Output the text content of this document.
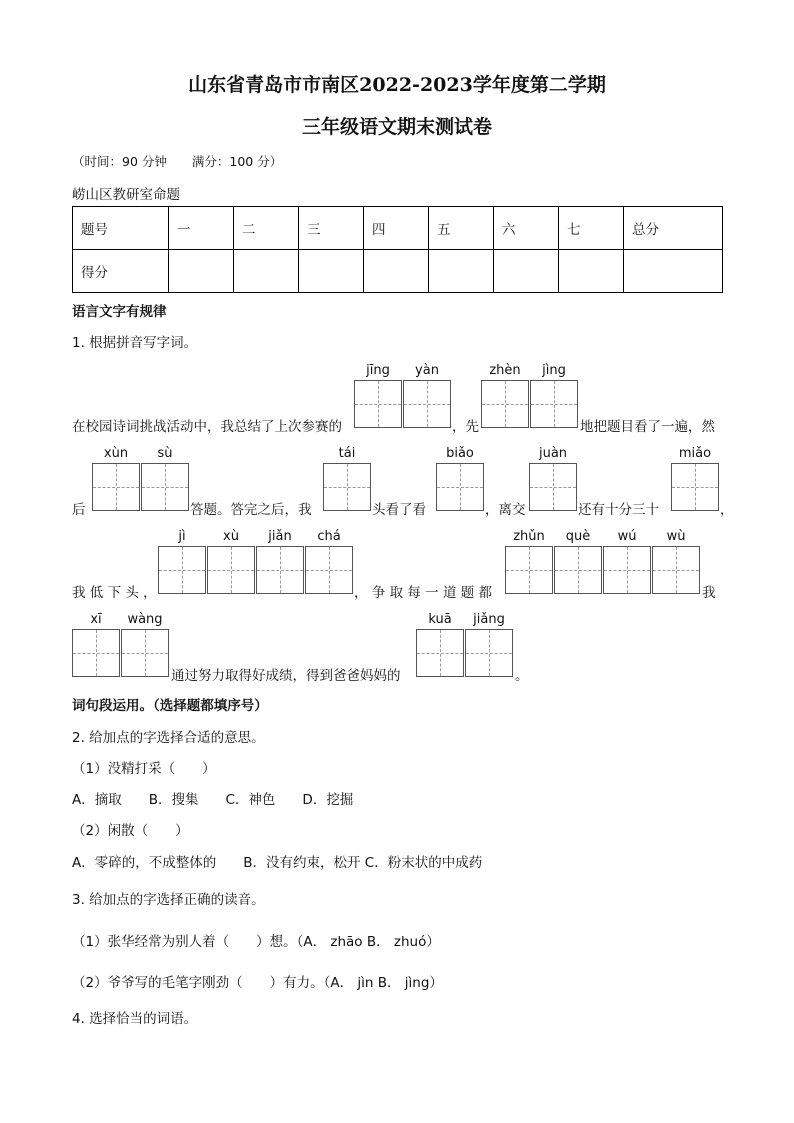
山东省青岛市市南区2022-2023学年度第二学期
三年级语文期末测试卷
（时间：90 分钟　　满分：100 分）
崂山区教研室命题
题号	一	二	三	四	五	六	七	总分
得分								
语言文字有规律
1. 根据拼音写字词。
jīng	yàn	zhèn	jìng
在校园诗词挑战活动中，我总结了上次参赛的	，先	地把题目看了一遍，然
xùn	sù	tái	biǎo	juàn	miǎo
后	答题。答完之后，我	头看了看	，离交	还有十分三十	，
jì	xù	jiǎn	chá	zhǔn	què	wú	wù
我 低 下 头 ，	， 争 取 每 一 道 题 都	我
xī	wàng	kuā	jiǎng
通过努力取得好成绩，得到爸爸妈妈的	。
词句段运用。（选择题都填序号）
2. 给加点的字选择合适的意思。
（1）没精打采（　　）
A．摘取　　B．搜集　　C．神色　　D．挖掘
（2）闲散（　　）
A．零碎的，不成整体的　　B．没有约束，松开 C．粉末状的中成药
3. 给加点的字选择正确的读音。
（1）张华经常为别人着（　　）想。（A． zhāo B． zhuó）
（2）爷爷写的毛笔字刚劲（　　）有力。（A． jìn B． jìng）
4. 选择恰当的词语。
